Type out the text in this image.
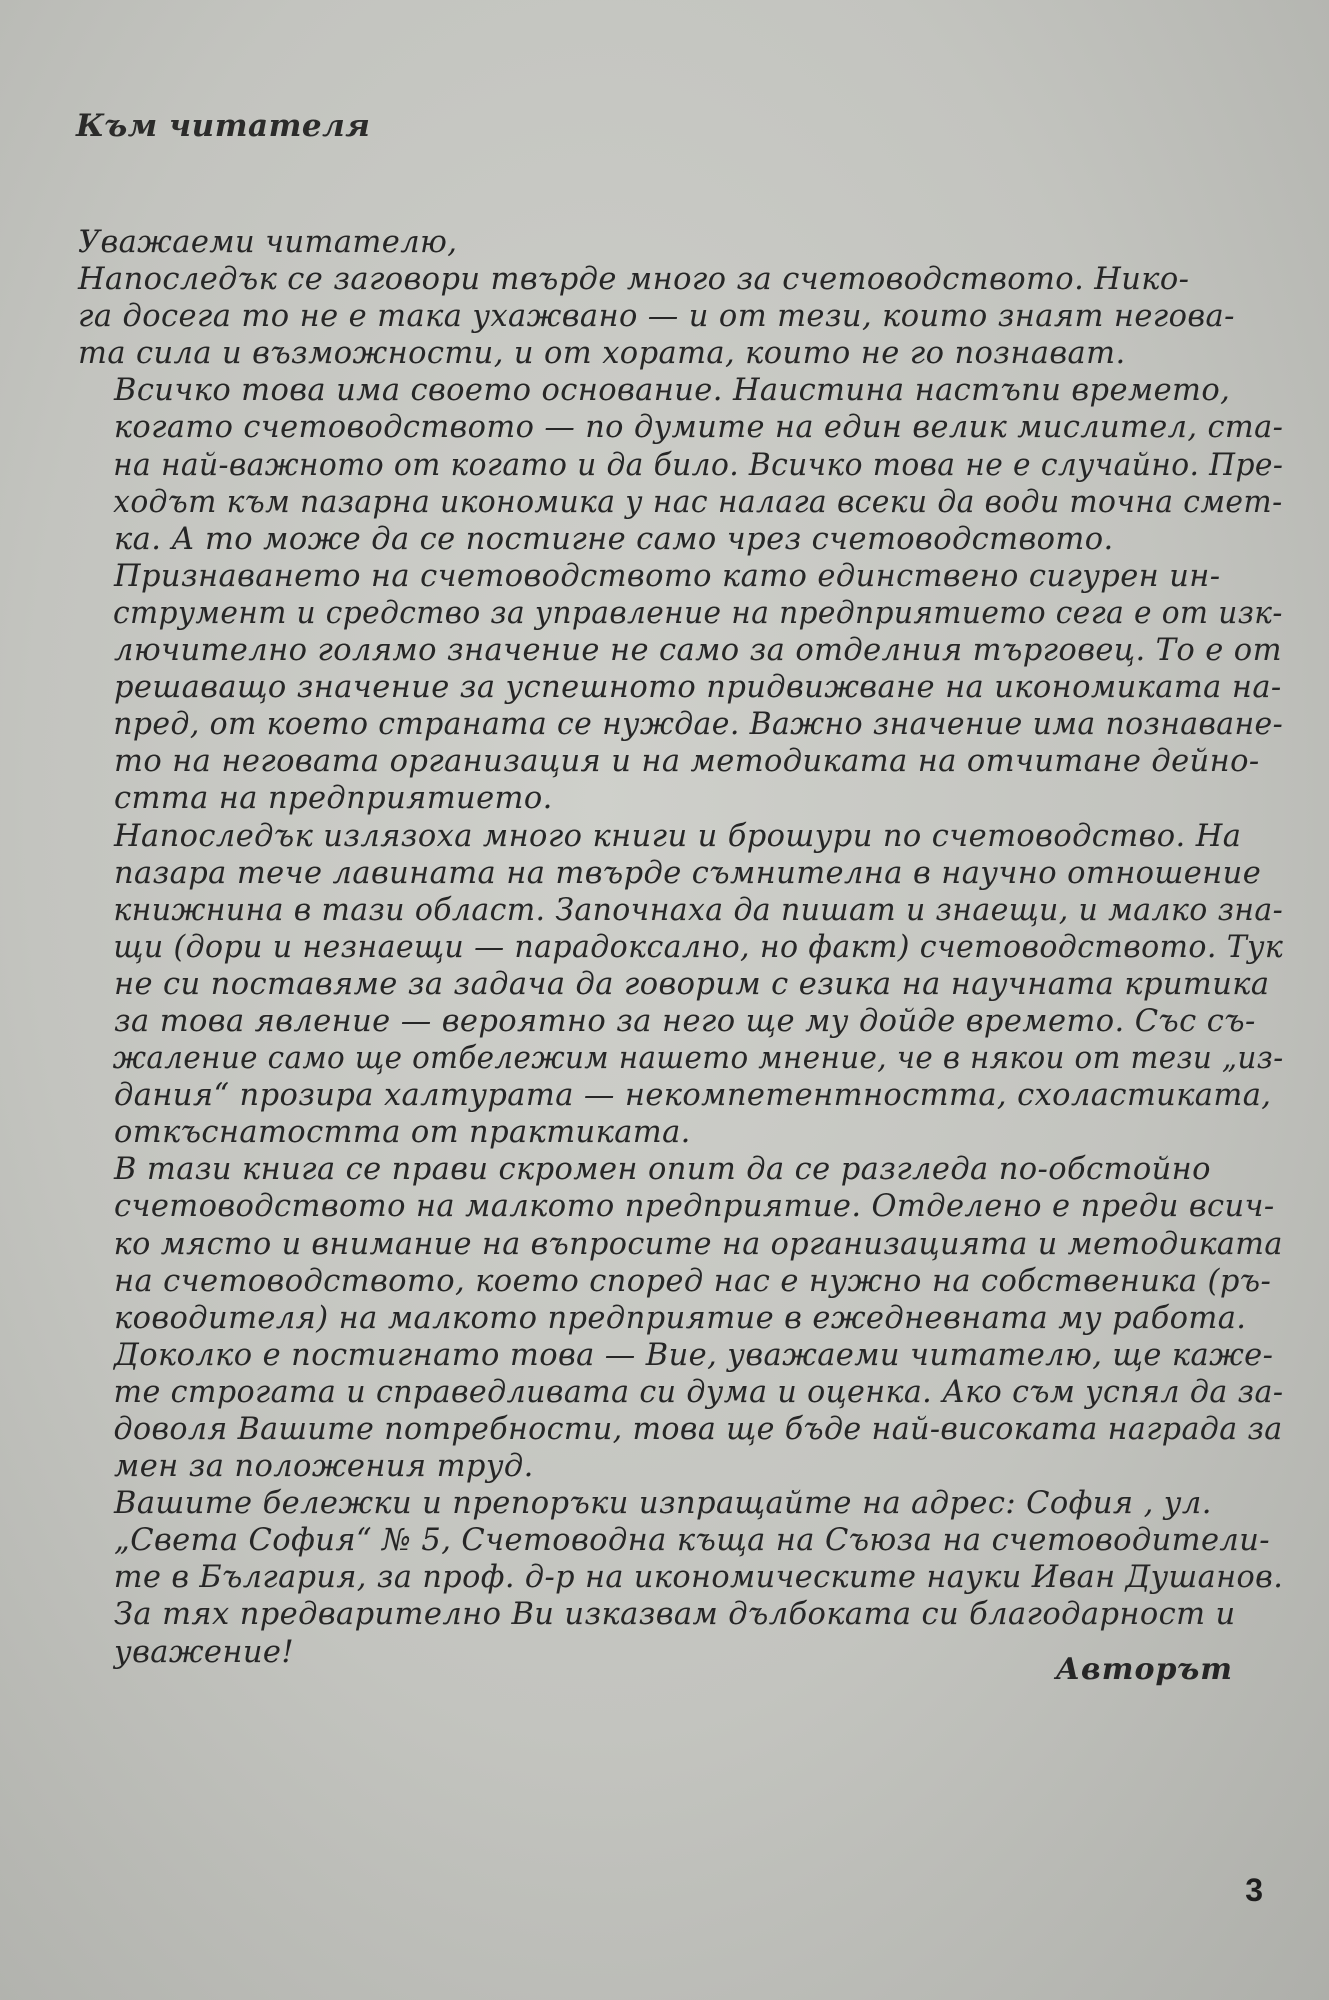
Към читателя

Уважаеми читателю,

Напоследък се заговори твърде много за счетоводството. Нико-
га досега то не е така ухажвано — и от тези, които знаят негова-
та сила и възможности, и от хората, които не го познават.

Всичко това има своето основание. Наистина настъпи времето,
когато счетоводството — по думите на един велик мислител, ста-
на най-важното от когато и да било. Всичко това не е случайно. Пре-
ходът към пазарна икономика у нас налага всеки да води точна смет-
ка. А то може да се постигне само чрез счетоводството.

Признаването на счетоводството като единствено сигурен ин-
струмент и средство за управление на предприятието сега е от изк-
лючително голямо значение не само за отделния търговец. То е от
решаващо значение за успешното придвижване на икономиката на-
пред, от което страната се нуждае. Важно значение има познаване-
то на неговата организация и на методиката на отчитане дейно-
стта на предприятието.

Напоследък излязоха много книги и брошури по счетоводство. На
пазара тече лавината на твърде съмнителна в научно отношение
книжнина в тази област. Започнаха да пишат и знаещи, и малко зна-
щи (дори и незнаещи — парадоксално, но факт) счетоводството. Тук
не си поставяме за задача да говорим с езика на научната критика
за това явление — вероятно за него ще му дойде времето. Със съ-
жаление само ще отбележим нашето мнение, че в някои от тези „из-
дания“ прозира халтурата — некомпетентността, схоластиката,
откъснатостта от практиката.

В тази книга се прави скромен опит да се разгледа по-обстойно
счетоводството на малкото предприятие. Отделено е преди всич-
ко място и внимание на въпросите на организацията и методиката
на счетоводството, което според нас е нужно на собственика (ръ-
ководителя) на малкото предприятие в ежедневната му работа.

Доколко е постигнато това — Вие, уважаеми читателю, ще каже-
те строгата и справедливата си дума и оценка. Ако съм успял да за-
доволя Вашите потребности, това ще бъде най-високата награда за
мен за положения труд.

Вашите бележки и препоръки изпращайте на адрес: София , ул.
„Света София“ № 5, Счетоводна къща на Съюза на счетоводители-
те в България, за проф. д-р на икономическите науки Иван Душанов.

За тях предварително Ви изказвам дълбоката си благодарност и
уважение!	Авторът
3
